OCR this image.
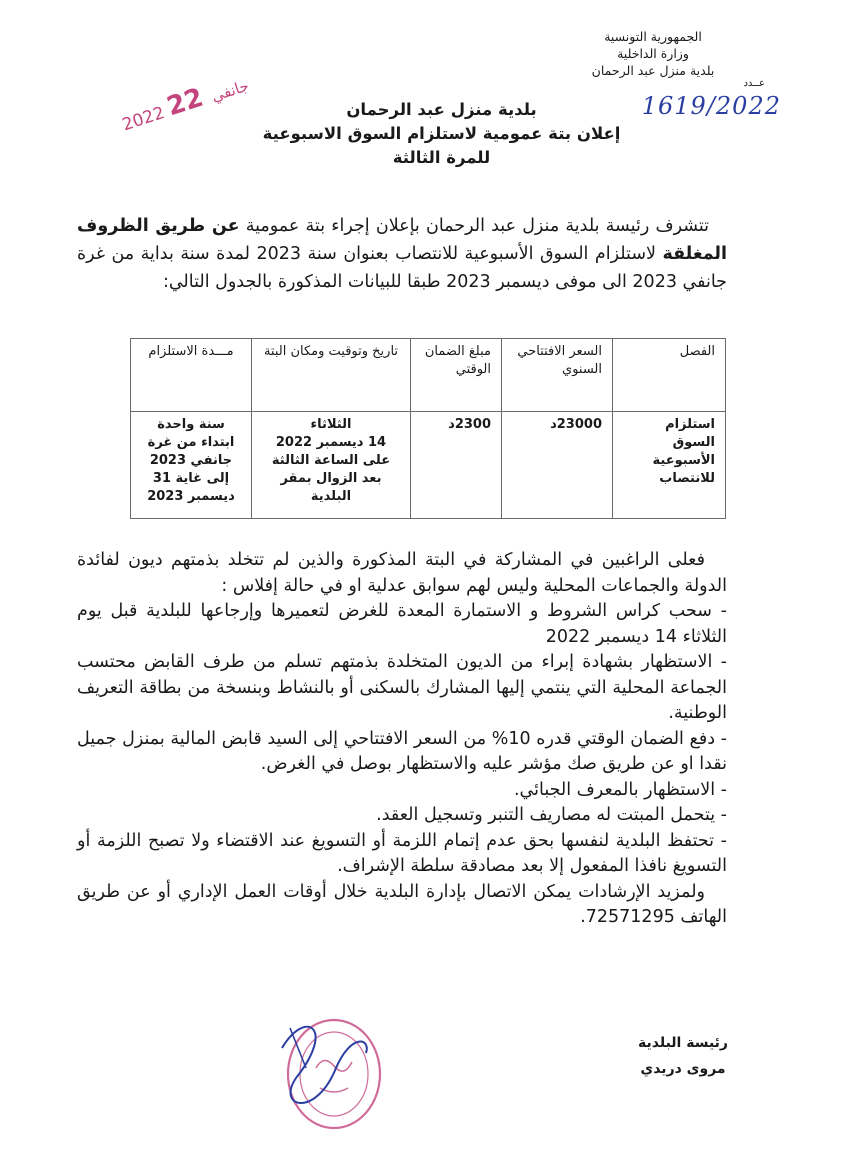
الجمهورية التونسية
وزارة الداخلية
بلدية منزل عبد الرحمان
عــدد
1619/2022
2022 جانفي 22	بلدية منزل عبد الرحمان
إعلان بتة عمومية لاستلزام السوق الاسبوعية
للمرة الثالثة

تتشرف رئيسة بلدية منزل عبد الرحمان بإعلان إجراء بتة عمومية عن طريق الظروف المغلقة لاستلزام السوق الأسبوعية للانتصاب بعنوان سنة 2023 لمدة سنة بداية من غرة جانفي 2023 الى موفى ديسمبر 2023 طبقا للبيانات المذكورة بالجدول التالي:

الفصل	السعر الافتتاحي السنوي	مبلغ الضمان الوقتي	تاريخ وتوقيت ومكان البتة	مـــدة الاستلزام
استلزام السوق الأسبوعية للانتصاب	23000د	2300د	الثلاثاء
14 ديسمبر 2022
على الساعة الثالثة بعد الزوال بمقر البلدية	سنة واحدة ابتداء من غرة جانفي 2023 إلى غاية 31 ديسمبر 2023

فعلى الراغبين في المشاركة في البتة المذكورة والذين لم تتخلد بذمتهم ديون لفائدة الدولة والجماعات المحلية وليس لهم سوابق عدلية او في حالة إفلاس :

- سحب كراس الشروط و الاستمارة المعدة للغرض لتعميرها وإرجاعها للبلدية قبل يوم الثلاثاء 14 ديسمبر 2022

- الاستظهار بشهادة إبراء من الديون المتخلدة بذمتهم تسلم من طرف القابض محتسب الجماعة المحلية التي ينتمي إليها المشارك بالسكنى أو بالنشاط وبنسخة من بطاقة التعريف الوطنية.

- دفع الضمان الوقتي قدره 10% من السعر الافتتاحي إلى السيد قابض المالية بمنزل جميل نقدا او عن طريق صك مؤشر عليه والاستظهار بوصل في الغرض.

- الاستظهار بالمعرف الجبائي.

- يتحمل المبتت له مصاريف التنبر وتسجيل العقد.

- تحتفظ البلدية لنفسها بحق عدم إتمام اللزمة أو التسويغ عند الاقتضاء ولا تصبح اللزمة أو التسويغ نافذا المفعول إلا بعد مصادقة سلطة الإشراف.

ولمزيد الإرشادات يمكن الاتصال بإدارة البلدية خلال أوقات العمل الإداري أو عن طريق الهاتف 72571295.

رئيسة البلدية
مروى دريدي
